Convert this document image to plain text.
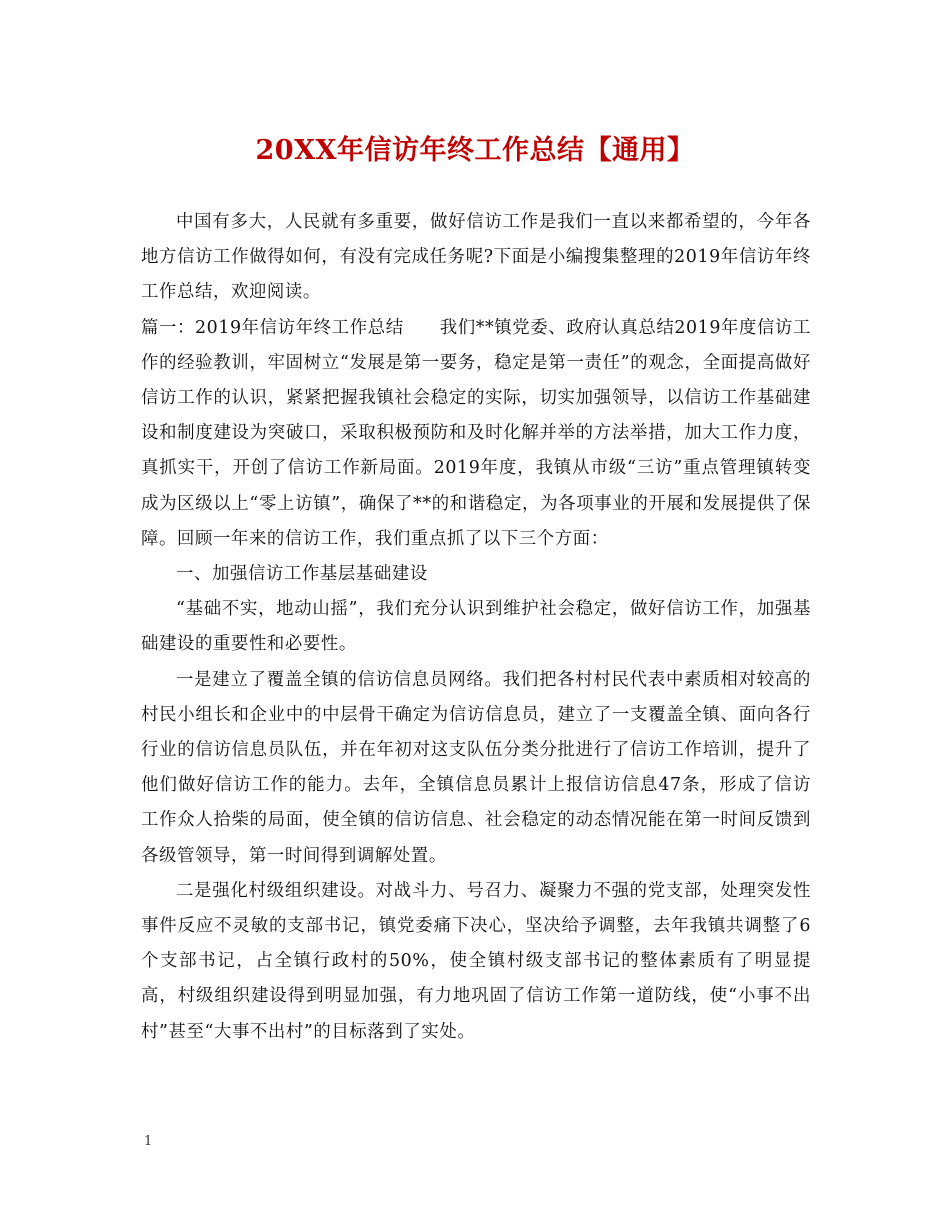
20XX年信访年终工作总结【通用】

中国有多大，人民就有多重要，做好信访工作是我们一直以来都希望的，今年各地方信访工作做得如何，有没有完成任务呢?下面是小编搜集整理的2019年信访年终工作总结，欢迎阅读。

篇一：2019年信访年终工作总结　　我们**镇党委、政府认真总结2019年度信访工作的经验教训，牢固树立“发展是第一要务，稳定是第一责任”的观念，全面提高做好信访工作的认识，紧紧把握我镇社会稳定的实际，切实加强领导，以信访工作基础建设和制度建设为突破口，采取积极预防和及时化解并举的方法举措，加大工作力度，真抓实干，开创了信访工作新局面。2019年度，我镇从市级“三访”重点管理镇转变成为区级以上“零上访镇”，确保了**的和谐稳定，为各项事业的开展和发展提供了保障。回顾一年来的信访工作，我们重点抓了以下三个方面：

一、加强信访工作基层基础建设

“基础不实，地动山摇”，我们充分认识到维护社会稳定，做好信访工作，加强基础建设的重要性和必要性。

一是建立了覆盖全镇的信访信息员网络。我们把各村村民代表中素质相对较高的村民小组长和企业中的中层骨干确定为信访信息员，建立了一支覆盖全镇、面向各行行业的信访信息员队伍，并在年初对这支队伍分类分批进行了信访工作培训，提升了他们做好信访工作的能力。去年，全镇信息员累计上报信访信息47条，形成了信访工作众人拾柴的局面，使全镇的信访信息、社会稳定的动态情况能在第一时间反馈到各级管领导，第一时间得到调解处置。

二是强化村级组织建设。对战斗力、号召力、凝聚力不强的党支部，处理突发性事件反应不灵敏的支部书记，镇党委痛下决心，坚决给予调整，去年我镇共调整了6个支部书记，占全镇行政村的50%，使全镇村级支部书记的整体素质有了明显提高，村级组织建设得到明显加强，有力地巩固了信访工作第一道防线，使“小事不出村”甚至“大事不出村”的目标落到了实处。

1
